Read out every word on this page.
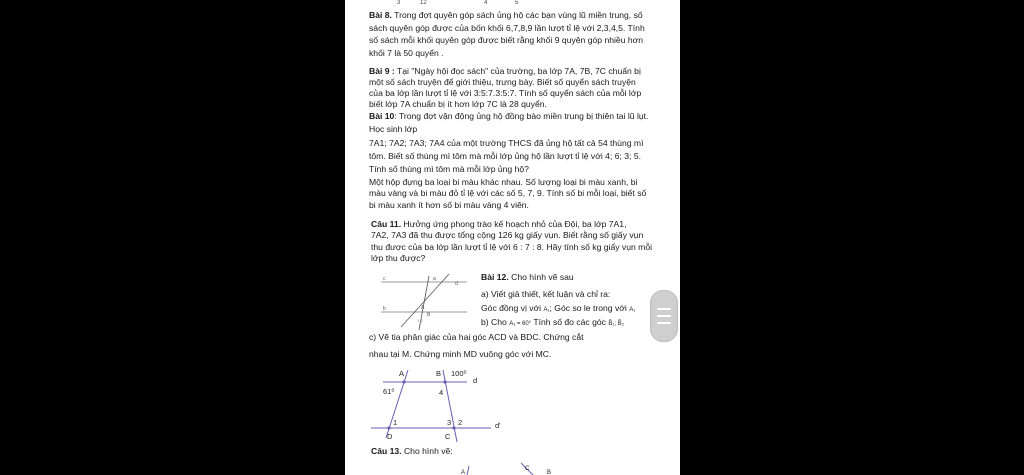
3	12	4	5
Bài 8. Trong đợt quyên góp sách ủng hộ các bạn vùng lũ miền trung, số
sách quyên góp được của bốn khối 6,7,8,9 lần lượt tỉ lệ với 2,3,4,5. Tính
số sách mỗi khối quyên góp được biết rằng khối 9 quyên góp nhiều hơn
khối 7 là 50 quyển .
Bài 9 : Tại "Ngày hội đọc sách" của trường, ba lớp 7A, 7B, 7C chuẩn bị
một số sách truyện để giới thiệu, trưng bày. Biết số quyển sách truyện
của ba lớp lần lượt tỉ lệ với 3:5:7.3:5:7. Tính số quyển sách của mỗi lớp
biết lớp 7A chuẩn bị ít hơn lớp 7C là 28 quyển.
Bài 10: Trong đợt vận động ủng hộ đồng bào miền trung bị thiên tai lũ lụt.
Học sinh lớp
7A1; 7A2; 7A3; 7A4 của một trường THCS đã ủng hộ tất cả 54 thùng mì
tôm. Biết số thùng mì tôm mà mỗi lớp ủng hộ lần lượt tỉ lệ với 4; 6; 3; 5.
Tính số thùng mì tôm mà mỗi lớp ủng hộ?
Một hộp đựng ba loại bi màu khác nhau. Số lượng loại bi màu xanh, bi
màu vàng và bi màu đỏ tỉ lệ với các số 5, 7, 9. Tính số bi mỗi loại, biết số
bi màu xanh ít hơn số bi màu vàng 4 viên.
Câu 11. Hưởng ứng phong trào kế hoạch nhỏ của Đội, ba lớp 7A1,
7A2, 7A3 đã thu được tổng cộng 126 kg giấy vụn. Biết rằng số giấy vụn
thu được của ba lớp lần lượt tỉ lệ với 6 : 7 : 8. Hãy tính số kg giấy vụn mỗi
lớp thu được?
c
b
a
A
B
1 2
d
Bài 12. Cho hình vẽ sau
a) Viết giả thiết, kết luận và chỉ ra:
Góc đồng vị với A₁; Góc so le trong với A₁
b) Cho A₁ = 60° Tính số đo các góc B̂₁; B̂₂
c) Vẽ tia phân giác của hai góc ACD và BDC. Chứng cắt
nhau tại M. Chứng minh MD vuông góc với MC.
A	B 100⁰
d
61⁰	4
1	3 2	d'
D	C
Câu 13. Cho hình vẽ:
A
C
B
